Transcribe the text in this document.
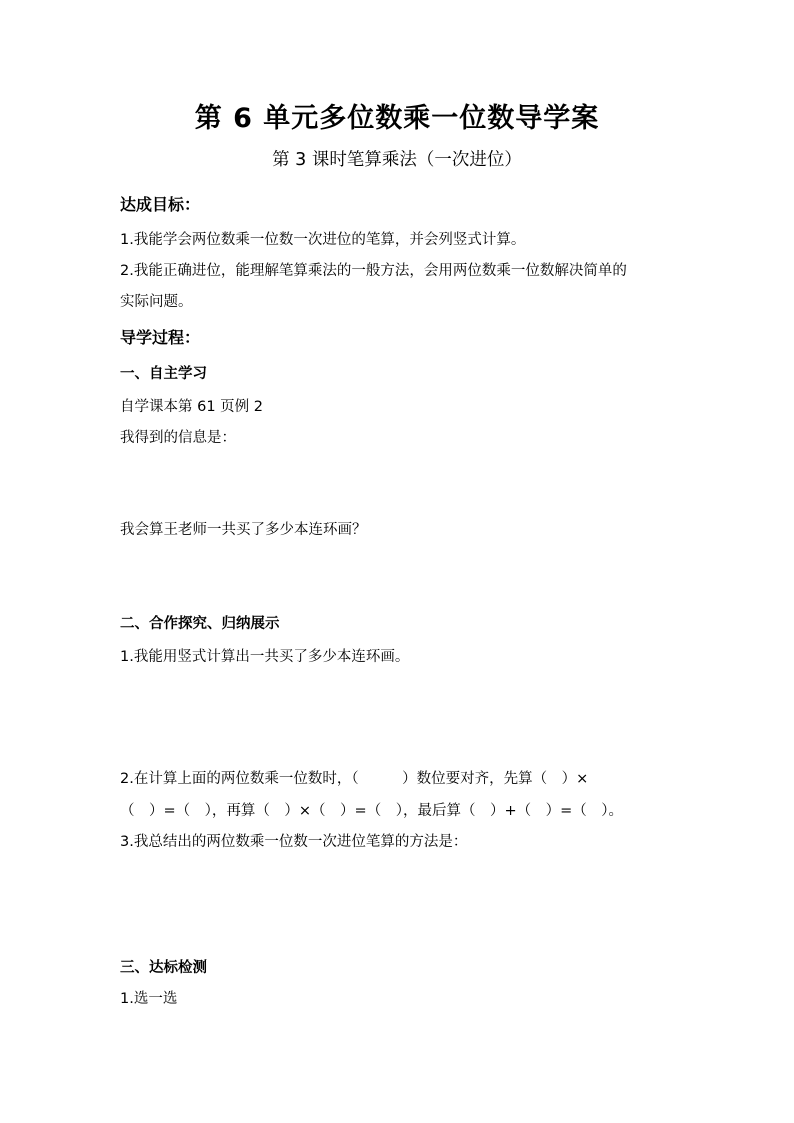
第 6 单元多位数乘一位数导学案
第 3 课时笔算乘法（一次进位）
达成目标：
1.我能学会两位数乘一位数一次进位的笔算，并会列竖式计算。
2.我能正确进位，能理解笔算乘法的一般方法，会用两位数乘一位数解决简单的
实际问题。
导学过程：
一、自主学习
自学课本第 61 页例 2
我得到的信息是：
我会算王老师一共买了多少本连环画？
二、合作探究、归纳展示
1.我能用竖式计算出一共买了多少本连环画。
2.在计算上面的两位数乘一位数时，（　　　）数位要对齐，先算（　）×
（　）=（　），再算（　）×（　）=（　），最后算（　）+（　）=（　）。
3.我总结出的两位数乘一位数一次进位笔算的方法是：
三、达标检测
1.选一选
